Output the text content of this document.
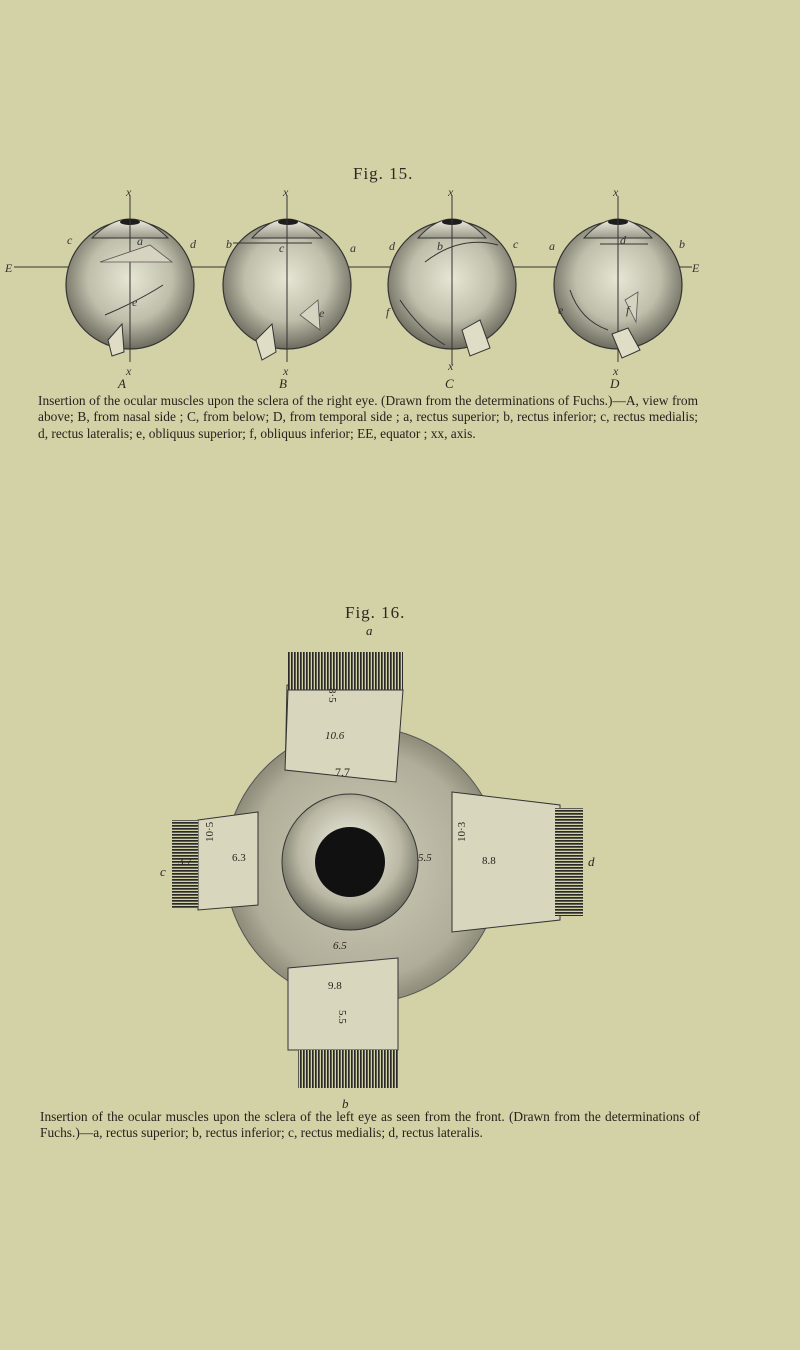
Fig. 15.
x	x	x	x
x	x	x	x
E	E
c	a	d
e
b	c	a
e
d	b	c
f
a	d	b
e	f
A	B	C	D
Insertion of the ocular muscles upon the sclera of the right eye. (Drawn from the determinations of Fuchs.)—A, view from above; B, from nasal side ; C, from below; D, from temporal side ; a, rectus superior; b, rectus inferior; c, rectus medialis; d, rectus lateralis; e, obliquus superior; f, obliquus inferior; EE, equator ; xx, axis.
Fig. 16.
a
8·5
10.6
7.7
3.7
10·5
6.3	5.5
10·3
8.8
6.5
9.8
5.5
c
d
b
Insertion of the ocular muscles upon the sclera of the left eye as seen from the front. (Drawn from the determinations of Fuchs.)—a, rectus superior; b, rectus inferior; c, rectus medialis; d, rectus lateralis.
